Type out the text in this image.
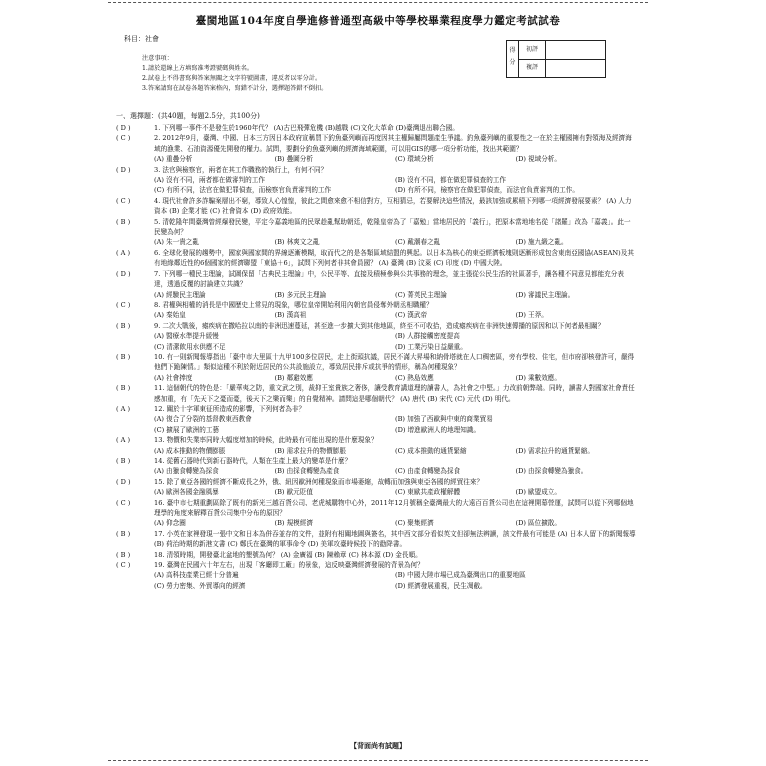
臺閩地區104年度自學進修普通型高級中等學校畢業程度學力鑑定考試試卷
科目：社會
注意事項：
1.請於還線上方填寫准考證號碼與姓名。
2.試卷上不得書寫與答案無關之文字符號圖畫，違反者以零分計。
3.答案請寫在試卷各題答案格內，寫錯不計分，選擇題答錯不倒扣。
得分
初評
複評
一、選擇題：(共40題，每題2.5分，共100分)
( D )	1. 下列哪一事件不是發生於1960年代？ (A)古巴飛彈危機 (B)越戰 (C)文化大革命 (D)臺灣退出聯合國。
( C )	2. 2012年9月，臺灣、中國、日本三方因日本政府宣稱買下釣魚臺列嶼而再度因其主權歸屬問題產生爭議。釣魚臺列嶼的重要性之一在於主權國擁有對領海及經濟海域的漁業、石油資源優先開發的權力。試問，要劃分釣魚臺列嶼的經濟海域範圍，可以用GIS的哪一項分析功能，找出其範圍？
(A) 重疊分析	(B) 疊圖分析	(C) 環域分析	(D) 視域分析。
( D )	3. 法官與檢察官，兩者在其工作職務的執行上，有何不同？
(A) 沒有不同，兩者都在做審判的工作	(B) 沒有不同，都在做犯罪偵查的工作
(C) 有所不同，法官在做犯罪偵查，而檢察官負責審判的工作	(D) 有所不同，檢察官在做犯罪偵查，而法官負責審判的工作。
( C )	4. 現代社會許多詐騙案層出不窮，導致人心惶惶，彼此之間愈來愈不相信對方，互相猜忌，若要解決這些情況，最該加強或累積下列哪一項經濟發展要素？ (A) 人力資本 (B) 企業才能 (C) 社會資本 (D) 政府效能。
( B )	5. 清乾隆年間臺灣曾經爆發民變，平定今嘉義地區的民眾趁亂幫助朝廷，乾隆皇帝為了「嘉勉」當地居民的「義行」，把原本當地地名從「諸羅」改為「嘉義」。此一民變為何？
(A) 朱一貴之亂	(B) 林爽文之亂	(C) 戴潮春之亂	(D) 施九緞之亂。
( A )	6. 全球化發展的趨勢中，國家與國家間的界線逐漸模糊，取而代之的是各類區域結盟的興起。以日本為核心的東亞經濟板塊則逐漸形成包含東南亞國協(ASEAN)及其有地緣鄰近性的6個國家的經濟聯盟「東協＋6」，試問下列何者非其會員國？ (A) 臺灣 (B) 汶萊 (C) 印度 (D) 中國大陸。
( D )	7. 下列哪一種民主理論，試圖保留「古典民主理論」中，公民平等、直接及積極參與公共事務的理念，並主張從公民生活的社區著手，讓各種不同意見都能充分表達，透過反覆的討論建立共識？
(A) 經驗民主理論	(B) 多元民主理論	(C) 菁英民主理論	(D) 審議民主理論。
( C )	8. 君權與相權的消長是中國歷史上常見的現象，哪位皇帝開始利用內朝官員侵奪外朝丞相職權？
(A) 秦始皇	(B) 漢高祖	(C) 漢武帝	(D) 王莽。
( B )	9. 二次大戰後，瘧疾病在撒哈拉以南的非洲迅速蔓延，甚至進一步擴大到其他地區，終至不可收拾，造成瘧疾病在非洲快速傳播的原因和以下何者最相關？
(A) 醫療水準提升緩慢	(B) 人群接觸密度提高
(C) 清潔飲用水供應不足	(D) 工業污染日益嚴重。
( B )	10. 有一則新聞報導指出「臺中市大里區十九甲100多位居民，走上街頭抗議，居民不滿大昇場和納骨塔就在人口稠密區，旁有學校、住宅，但市府卻核發許可，嚴得他們下跪陳情。」類似這種不利於附近居民的公共設施設立，導致居民排斥或抗爭的情形，稱為何種現象？
(A) 社會捧度	(B) 鄰避效應	(C) 熱島效應	(D) 乘數效應。
( B )	11. 這個朝代的特色是：「嚴華夷之防，重文武之別，裁抑王室貴族之奢侈，讓受教育講道理的讀書人，為社會之中堅。」力改前朝弊端。同時，讀書人對國家社會責任感加重，有「先天下之憂而憂，後天下之樂而樂」的自覺精神。請問這是哪個朝代？ (A) 唐代 (B) 宋代 (C) 元代 (D) 明代。
( A )	12. 關於十字軍東征所造成的影響，下列何者為非？
(A) 復合了分裂的基督教東西教會	(B) 加強了西歐與中東的商業貿易
(C) 擴展了歐洲的工藝	(D) 增進歐洲人的地理知識。
( A )	13. 物價和失業率同時大幅度增加的時候，此時最有可能出現的是什麼現象？
(A) 成本推動的物價膨脹	(B) 需求拉升的物價膨脹	(C) 成本推動的通貨緊縮	(D) 需求拉升的通貨緊縮。
( B )	14. 從舊石器時代到新石器時代，人類在生產上最大的變革是什麼？
(A) 由獵食轉變為採食	(B) 由採食轉變為產食	(C) 由產食轉變為採食	(D) 由採食轉變為獵食。
( D )	15. 除了東亞各國的經濟不斷成長之外，俄、紐因歐洲何種現象而市場萎縮，故轉而加強與東亞各國的經貿往來？
(A) 歐洲各國金融風暴	(B) 歐元貶值	(C) 東歐共產政權解體	(D) 歐盟成立。
( C )	16. 臺中市七期重劃區除了既有的新光三越百貨公司、老虎城購物中心外，2011年12月號稱全臺灣最大的大遠百百貨公司也在這裡開幕營運，試問可以從下列哪個地理學的角度來解釋百貨公司集中分布的原因？
(A) 仰念圈	(B) 規模經濟	(C) 聚集經濟	(D) 區位擴散。
( B )	17. 小英在家裡發現一張中文和日本為併吞並存的文件，並附有相關地圖與簽名，其中西文部分看似英文但卻無法辨讀，該文件最有可能是 (A) 日本人留下的新聞報導 (B) 荷治時期的新港文書 (C) 鄭氏在臺灣的軍事命令 (D) 美軍攻臺時候投下的勸降書。
( B )	18. 清領時期，開發臺北盆地的墾號為何？ (A) 金廣福 (B) 陳賴章 (C) 林本源 (D) 金長順。
( C )	19. 臺灣在民國六十年左右，出現「客廳即工廠」的景象，這反映臺灣經濟發展的背景為何？
(A) 高科技產業已經十分普遍	(B) 中國大陸市場已成為臺灣出口的重要地區
(C) 勞力密集、外貿導向的經濟	(D) 經濟發展重視，民生凋敝。
【背面尚有試題】
